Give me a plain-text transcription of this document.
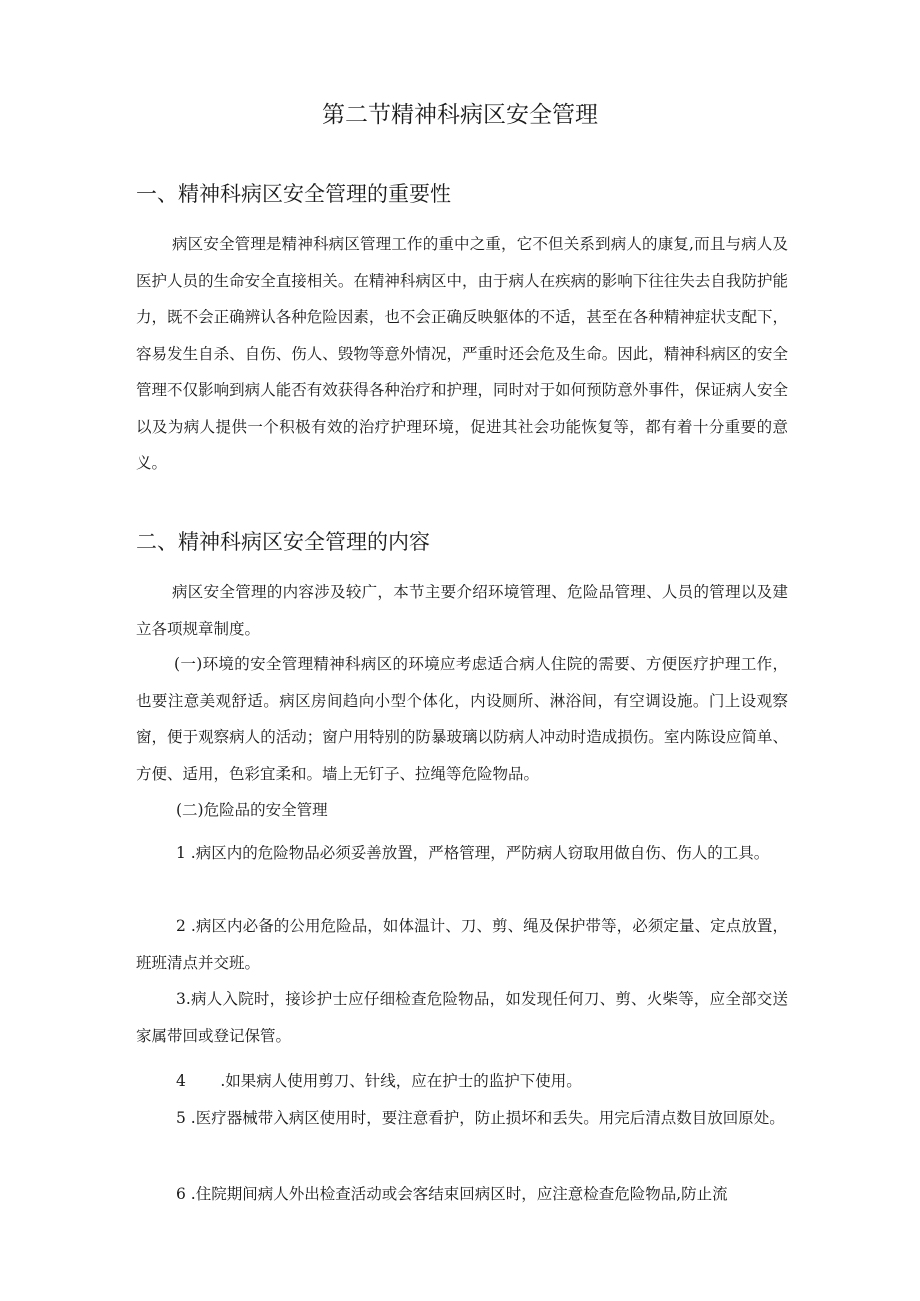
第二节精神科病区安全管理
一、精神科病区安全管理的重要性

病区安全管理是精神科病区管理工作的重中之重，它不但关系到病人的康复,而且与病人及医护人员的生命安全直接相关。在精神科病区中，由于病人在疾病的影响下往往失去自我防护能力，既不会正确辨认各种危险因素，也不会正确反映躯体的不适，甚至在各种精神症状支配下，容易发生自杀、自伤、伤人、毁物等意外情况，严重时还会危及生命。因此，精神科病区的安全管理不仅影响到病人能否有效获得各种治疗和护理，同时对于如何预防意外事件，保证病人安全以及为病人提供一个积极有效的治疗护理环境，促进其社会功能恢复等，都有着十分重要的意义。

二、精神科病区安全管理的内容

病区安全管理的内容涉及较广，本节主要介绍环境管理、危险品管理、人员的管理以及建立各项规章制度。

(一)环境的安全管理精神科病区的环境应考虑适合病人住院的需要、方便医疗护理工作，也要注意美观舒适。病区房间趋向小型个体化，内设厕所、淋浴间，有空调设施。门上设观察窗，便于观察病人的活动；窗户用特别的防暴玻璃以防病人冲动时造成损伤。室内陈设应简单、方便、适用，色彩宜柔和。墙上无钉子、拉绳等危险物品。

(二)危险品的安全管理

1 .病区内的危险物品必须妥善放置，严格管理，严防病人窃取用做自伤、伤人的工具。

2 .病区内必备的公用危险品，如体温计、刀、剪、绳及保护带等，必须定量、定点放置，班班清点并交班。

3.病人入院时，接诊护士应仔细检查危险物品，如发现任何刀、剪、火柴等，应全部交送家属带回或登记保管。

4       .如果病人使用剪刀、针线，应在护士的监护下使用。

5 .医疗器械带入病区使用时，要注意看护，防止损坏和丢失。用完后清点数目放回原处。

6 .住院期间病人外出检查活动或会客结束回病区时，应注意检查危险物品,防止流
